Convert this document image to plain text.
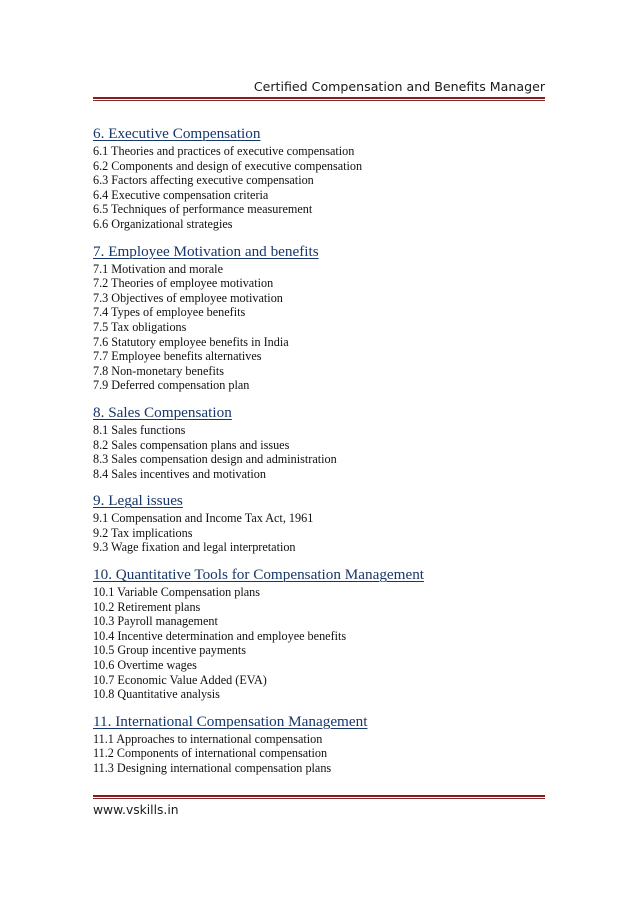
Certified Compensation and Benefits Manager
6. Executive Compensation
6.1 Theories and practices of executive compensation
6.2 Components and design of executive compensation
6.3 Factors affecting executive compensation
6.4 Executive compensation criteria
6.5 Techniques of performance measurement
6.6 Organizational strategies
7. Employee Motivation and benefits
7.1 Motivation and morale
7.2 Theories of employee motivation
7.3 Objectives of employee motivation
7.4 Types of employee benefits
7.5 Tax obligations
7.6 Statutory employee benefits in India
7.7 Employee benefits alternatives
7.8 Non-monetary benefits
7.9 Deferred compensation plan
8. Sales Compensation
8.1 Sales functions
8.2 Sales compensation plans and issues
8.3 Sales compensation design and administration
8.4 Sales incentives and motivation
9. Legal issues
9.1 Compensation and Income Tax Act, 1961
9.2 Tax implications
9.3 Wage fixation and legal interpretation
10. Quantitative Tools for Compensation Management
10.1 Variable Compensation plans
10.2 Retirement plans
10.3 Payroll management
10.4 Incentive determination and employee benefits
10.5 Group incentive payments
10.6 Overtime wages
10.7 Economic Value Added (EVA)
10.8 Quantitative analysis
11. International Compensation Management
11.1 Approaches to international compensation
11.2 Components of international compensation
11.3 Designing international compensation plans
www.vskills.in
